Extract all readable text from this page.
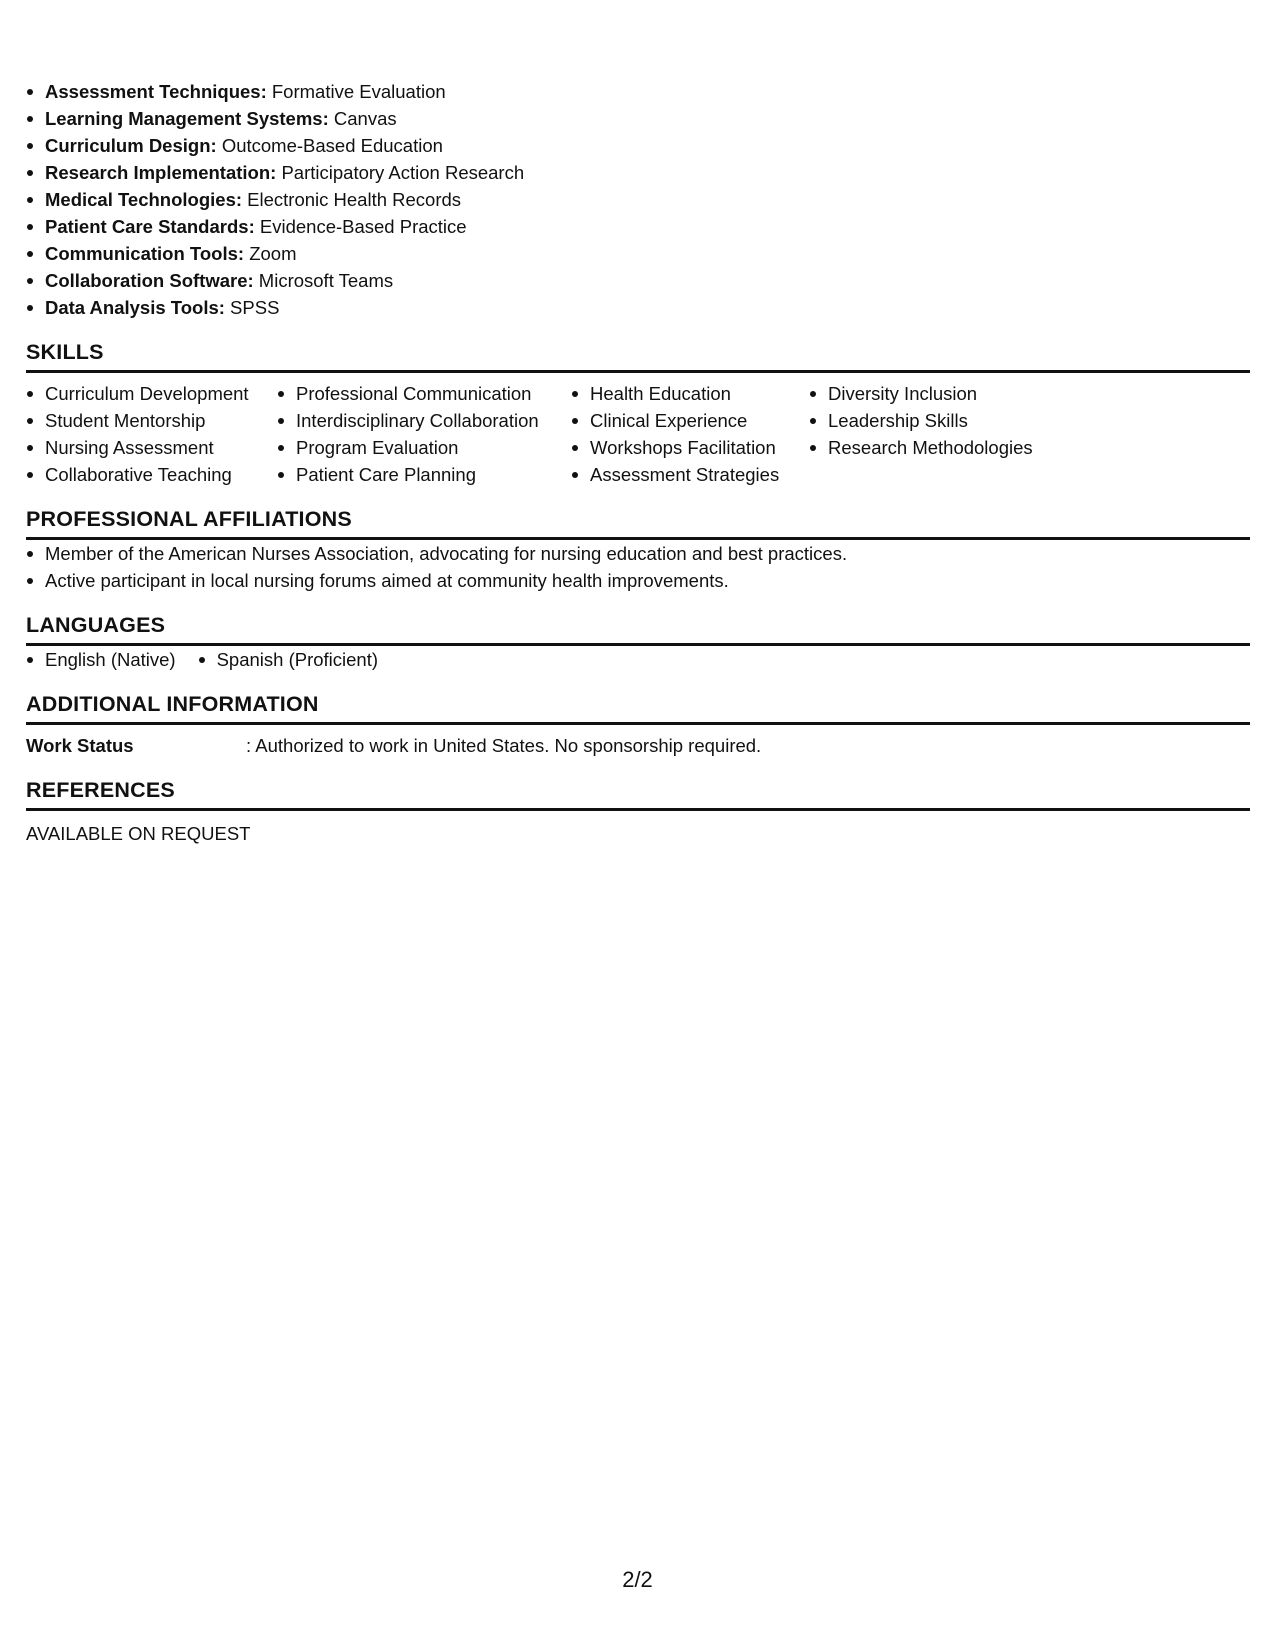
Assessment Techniques: Formative Evaluation
Learning Management Systems: Canvas
Curriculum Design: Outcome-Based Education
Research Implementation: Participatory Action Research
Medical Technologies: Electronic Health Records
Patient Care Standards: Evidence-Based Practice
Communication Tools: Zoom
Collaboration Software: Microsoft Teams
Data Analysis Tools: SPSS
SKILLS
Curriculum Development
Student Mentorship
Nursing Assessment
Collaborative Teaching
Professional Communication
Interdisciplinary Collaboration
Program Evaluation
Patient Care Planning
Health Education
Clinical Experience
Workshops Facilitation
Assessment Strategies
Diversity Inclusion
Leadership Skills
Research Methodologies
PROFESSIONAL AFFILIATIONS
Member of the American Nurses Association, advocating for nursing education and best practices.
Active participant in local nursing forums aimed at community health improvements.
LANGUAGES
English (Native)	Spanish (Proficient)
ADDITIONAL INFORMATION
Work Status	: Authorized to work in United States. No sponsorship required.
REFERENCES
AVAILABLE ON REQUEST
2/2
